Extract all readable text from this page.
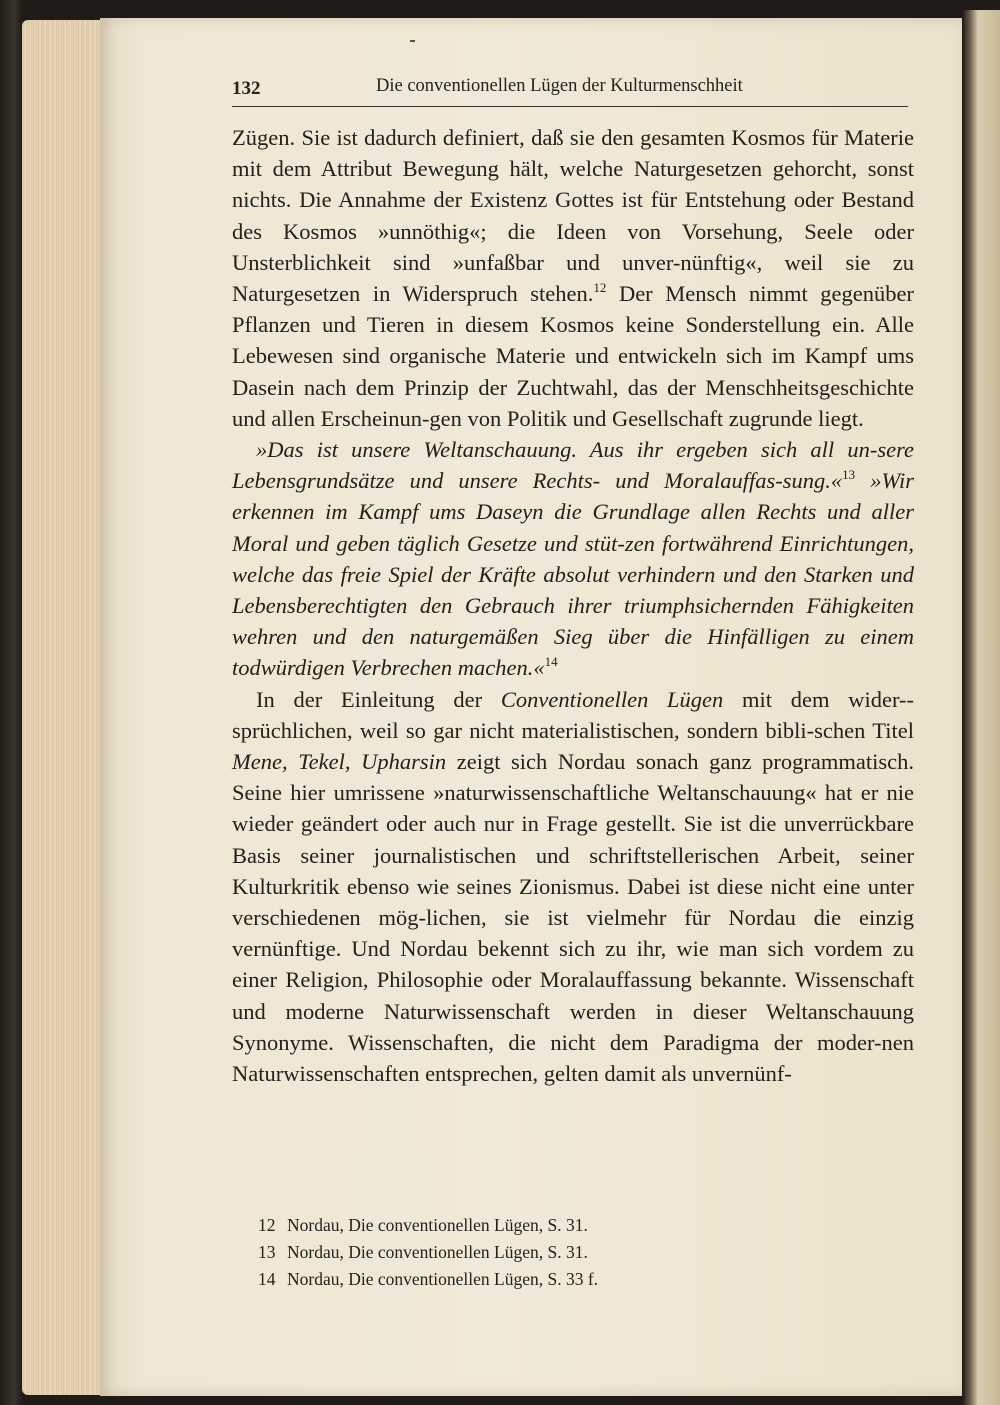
132	Die conventionellen Lügen der Kulturmenschheit

Zügen. Sie ist dadurch definiert, daß sie den gesamten Kosmos für Materie mit dem Attribut Bewegung hält, welche Naturgesetzen gehorcht, sonst nichts. Die Annahme der Existenz Gottes ist für Entstehung oder Bestand des Kosmos »unnöthig«; die Ideen von Vorsehung, Seele oder Unsterblichkeit sind »unfaßbar und unver-nünftig«, weil sie zu Naturgesetzen in Widerspruch stehen.$^{12}$ Der Mensch nimmt gegenüber Pflanzen und Tieren in diesem Kosmos keine Sonderstellung ein. Alle Lebewesen sind organische Materie und entwickeln sich im Kampf ums Dasein nach dem Prinzip der Zuchtwahl, das der Menschheitsgeschichte und allen Erscheinun-gen von Politik und Gesellschaft zugrunde liegt.

»Das ist unsere Weltanschauung. Aus ihr ergeben sich all un-sere Lebensgrundsätze und unsere Rechts- und Moralauffas-sung.«$^{13}$ »Wir erkennen im Kampf ums Daseyn die Grundlage allen Rechts und aller Moral und geben täglich Gesetze und stüt-zen fortwährend Einrichtungen, welche das freie Spiel der Kräfte absolut verhindern und den Starken und Lebensberechtigten den Gebrauch ihrer triumphsichernden Fähigkeiten wehren und den naturgemäßen Sieg über die Hinfälligen zu einem todwürdigen Verbrechen machen.«$^{14}$

In der Einleitung der Conventionellen Lügen mit dem wider-sprüchlichen, weil so gar nicht materialistischen, sondern bibli-schen Titel Mene, Tekel, Upharsin zeigt sich Nordau sonach ganz programmatisch. Seine hier umrissene »naturwissenschaftliche Weltanschauung« hat er nie wieder geändert oder auch nur in Frage gestellt. Sie ist die unverrückbare Basis seiner journalistischen und schriftstellerischen Arbeit, seiner Kulturkritik ebenso wie seines Zionismus. Dabei ist diese nicht eine unter verschiedenen mög-lichen, sie ist vielmehr für Nordau die einzig vernünftige. Und Nordau bekennt sich zu ihr, wie man sich vordem zu einer Religion, Philosophie oder Moralauffassung bekannte. Wissenschaft und moderne Naturwissenschaft werden in dieser Weltanschauung Synonyme. Wissenschaften, die nicht dem Paradigma der moder-nen Naturwissenschaften entsprechen, gelten damit als unvernünf-

12 Nordau, Die conventionellen Lügen, S. 31.
13 Nordau, Die conventionellen Lügen, S. 31.
14 Nordau, Die conventionellen Lügen, S. 33 f.
